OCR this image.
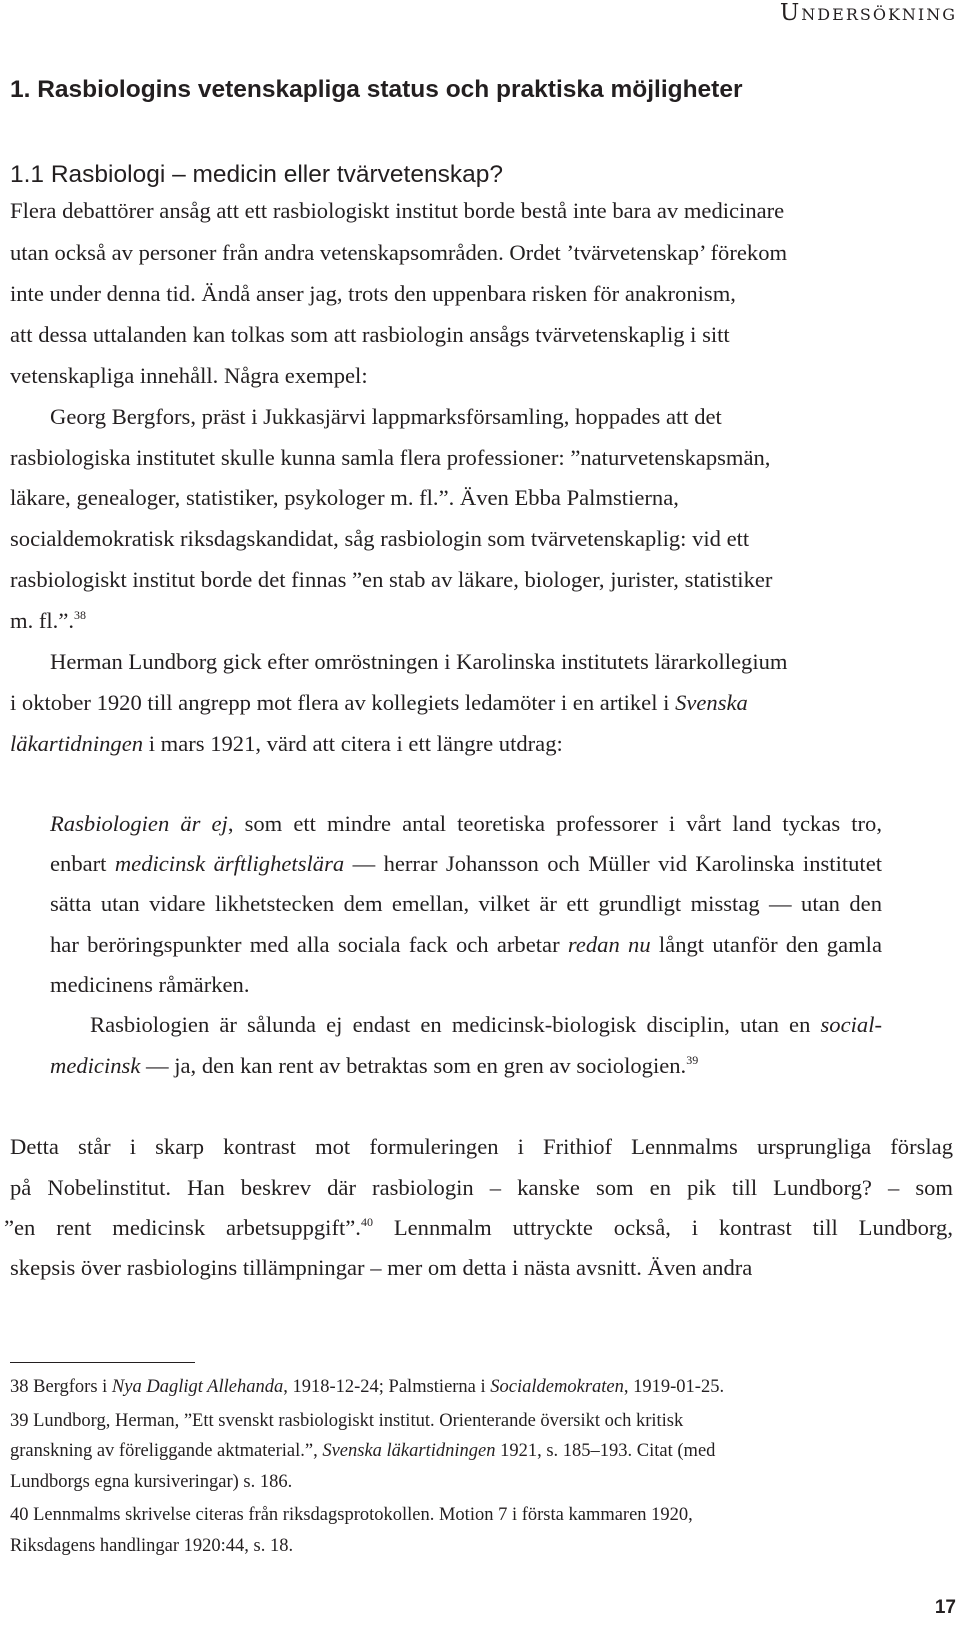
Undersökning
1. Rasbiologins vetenskapliga status och praktiska möjligheter
1.1 Rasbiologi – medicin eller tvärvetenskap?
Flera debattörer ansåg att ett rasbiologiskt institut borde bestå inte bara av medicinare
utan också av personer från andra vetenskapsområden. Ordet ’tvärvetenskap’ förekom
inte under denna tid. Ändå anser jag, trots den uppenbara risken för anakronism,
att dessa uttalanden kan tolkas som att rasbiologin ansågs tvärvetenskaplig i sitt
vetenskapliga innehåll. Några exempel:
Georg Bergfors, präst i Jukkasjärvi lappmarksförsamling, hoppades att det
rasbiologiska institutet skulle kunna samla flera professioner: ”naturvetenskapsmän,
läkare, genealoger, statistiker, psykologer m. fl.”. Även Ebba Palmstierna,
socialdemokratisk riksdagskandidat, såg rasbiologin som tvärvetenskaplig: vid ett
rasbiologiskt institut borde det finnas ”en stab av läkare, biologer, jurister, statistiker
m. fl.”.$^{38}$
Herman Lundborg gick efter omröstningen i Karolinska institutets lärarkollegium
i oktober 1920 till angrepp mot flera av kollegiets ledamöter i en artikel i Svenska
läkartidningen i mars 1921, värd att citera i ett längre utdrag:
Rasbiologien är ej, som ett mindre antal teoretiska professorer i vårt land tyckas tro,
enbart medicinsk ärftlighetslära — herrar Johansson och Müller vid Karolinska institutet
sätta utan vidare likhetstecken dem emellan, vilket är ett grundligt misstag — utan den
har beröringspunkter med alla sociala fack och arbetar redan nu långt utanför den gamla
medicinens råmärken.
Rasbiologien är sålunda ej endast en medicinsk-biologisk disciplin, utan en social-
medicinsk — ja, den kan rent av betraktas som en gren av sociologien.$^{39}$
Detta står i skarp kontrast mot formuleringen i Frithiof Lennmalms ursprungliga förslag
på Nobelinstitut. Han beskrev där rasbiologin – kanske som en pik till Lundborg? – som
”en rent medicinsk arbetsuppgift”.$^{40}$ Lennmalm uttryckte också, i kontrast till Lundborg,
skepsis över rasbiologins tillämpningar – mer om detta i nästa avsnitt. Även andra
38 Bergfors i Nya Dagligt Allehanda, 1918-12-24; Palmstierna i Socialdemokraten, 1919-01-25.
39 Lundborg, Herman, ”Ett svenskt rasbiologiskt institut. Orienterande översikt och kritisk
granskning av föreliggande aktmaterial.”, Svenska läkartidningen 1921, s. 185–193. Citat (med
Lundborgs egna kursiveringar) s. 186.
40 Lennmalms skrivelse citeras från riksdagsprotokollen. Motion 7 i första kammaren 1920,
Riksdagens handlingar 1920:44, s. 18.
17
